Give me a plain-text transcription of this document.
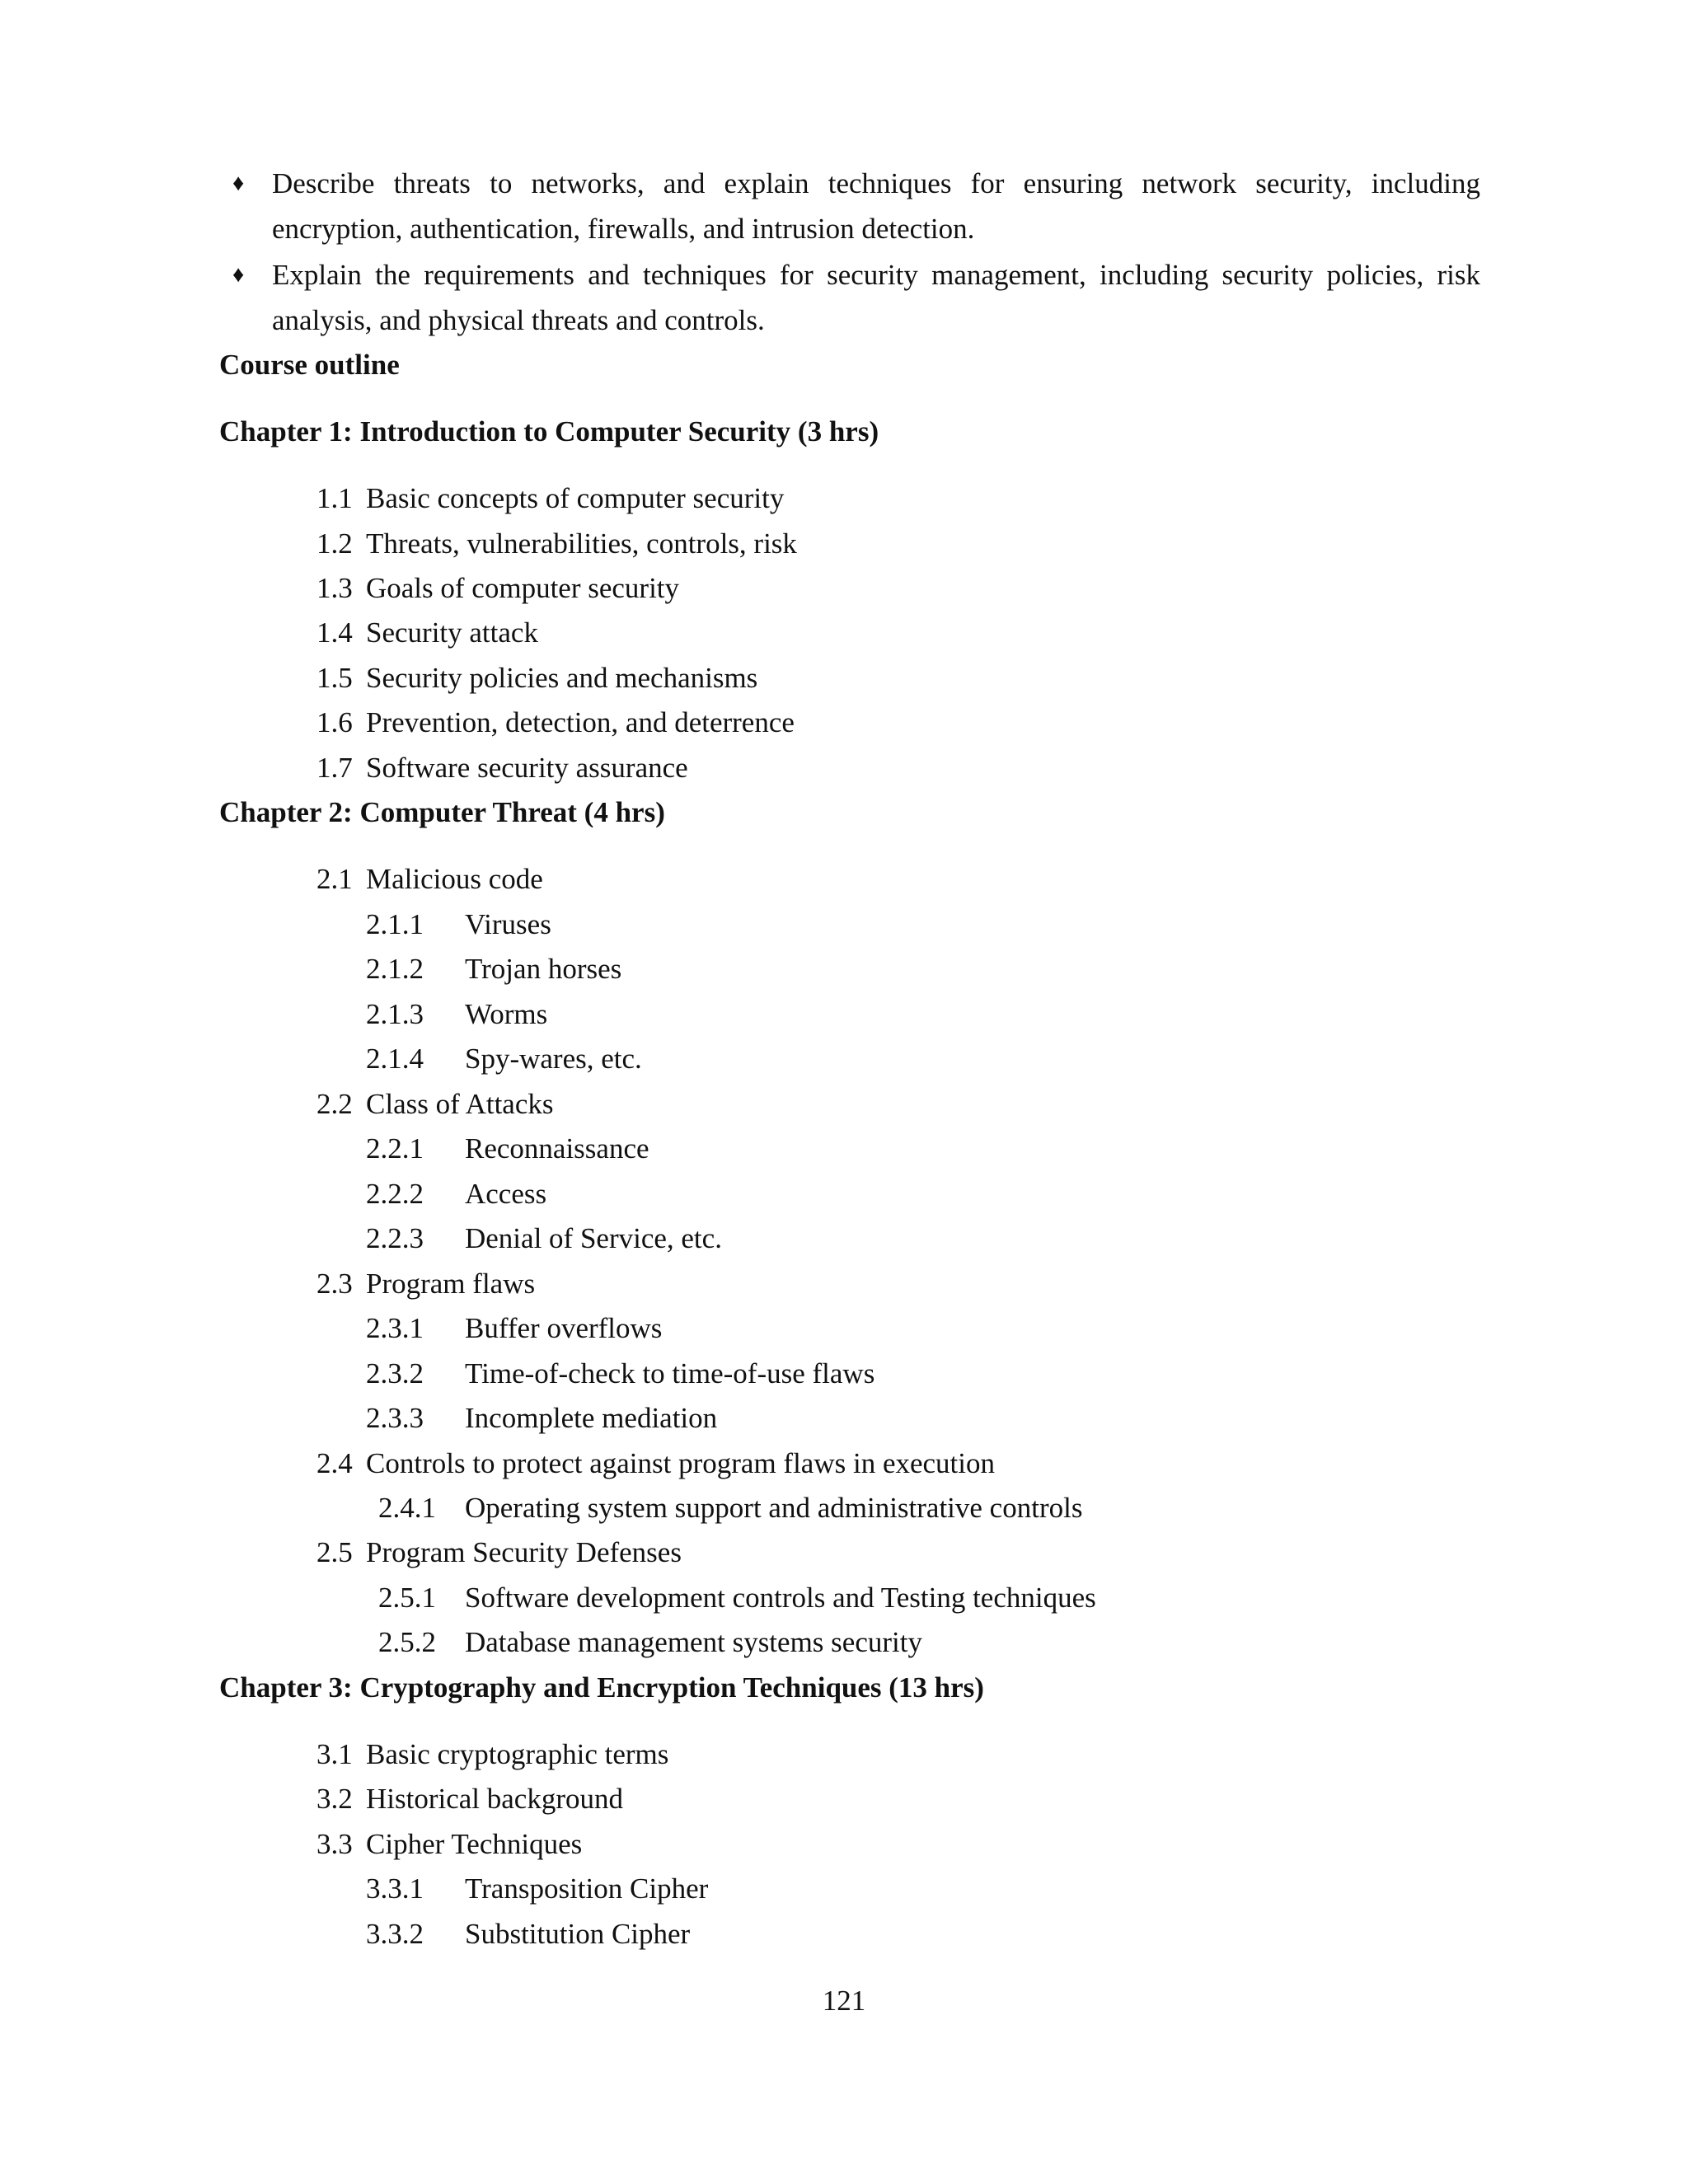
♦ Describe threats to networks, and explain techniques for ensuring network security, including encryption, authentication, firewalls, and intrusion detection.
♦ Explain the requirements and techniques for security management, including security policies, risk analysis, and physical threats and controls.
Course outline
Chapter 1: Introduction to Computer Security (3 hrs)
1.1 Basic concepts of computer security
1.2 Threats, vulnerabilities, controls, risk
1.3 Goals of computer security
1.4 Security attack
1.5 Security policies and mechanisms
1.6 Prevention, detection, and deterrence
1.7 Software security assurance
Chapter 2: Computer Threat (4 hrs)
2.1 Malicious code
2.1.1 Viruses
2.1.2 Trojan horses
2.1.3 Worms
2.1.4 Spy-wares, etc.
2.2 Class of Attacks
2.2.1 Reconnaissance
2.2.2 Access
2.2.3 Denial of Service, etc.
2.3 Program flaws
2.3.1 Buffer overflows
2.3.2 Time-of-check to time-of-use flaws
2.3.3 Incomplete mediation
2.4 Controls to protect against program flaws in execution
2.4.1 Operating system support and administrative controls
2.5 Program Security Defenses
2.5.1 Software development controls and Testing techniques
2.5.2 Database management systems security
Chapter 3: Cryptography and Encryption Techniques (13 hrs)
3.1 Basic cryptographic terms
3.2 Historical background
3.3 Cipher Techniques
3.3.1 Transposition Cipher
3.3.2 Substitution Cipher
121
